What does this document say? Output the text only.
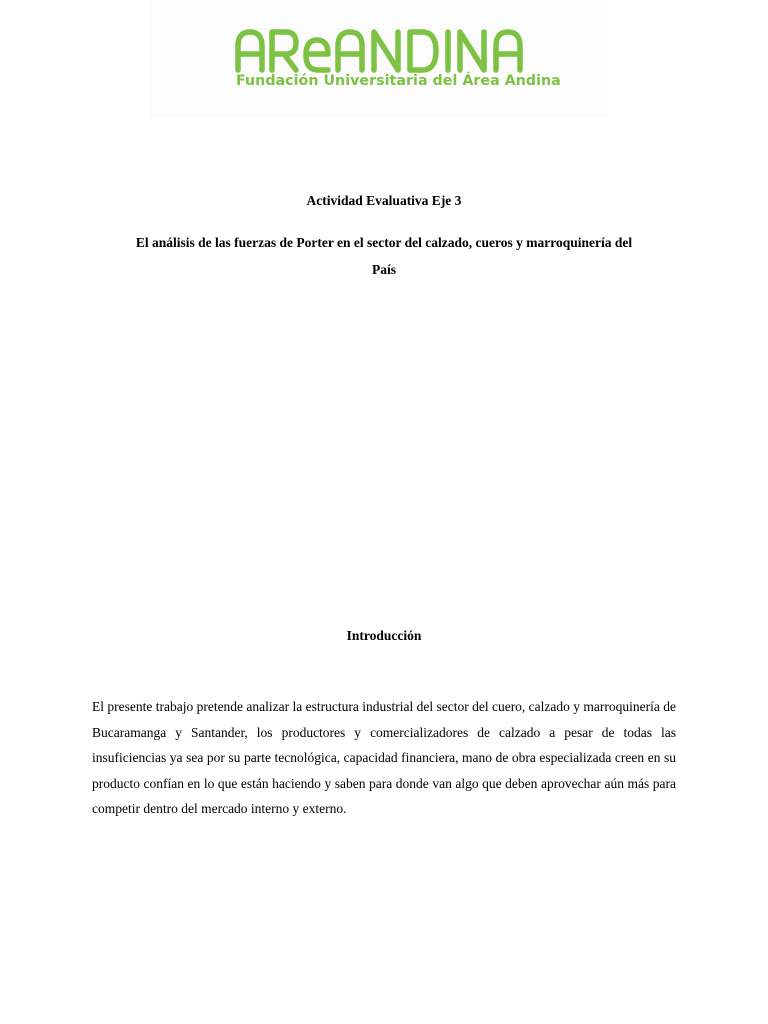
Fundación Universitaria del Área Andina
Actividad Evaluativa Eje 3
El análisis de las fuerzas de Porter en el sector del calzado, cueros y marroquinería del
País
Introducción
El presente trabajo pretende analizar la estructura industrial del sector del cuero, calzado y marroquinería de Bucaramanga y Santander, los productores y comercializadores de calzado a pesar de todas las insuficiencias ya sea por su parte tecnológica, capacidad financiera, mano de obra especializada creen en su producto confían en lo que están haciendo y saben para donde van algo que deben aprovechar aún más para competir dentro del mercado interno y externo.
